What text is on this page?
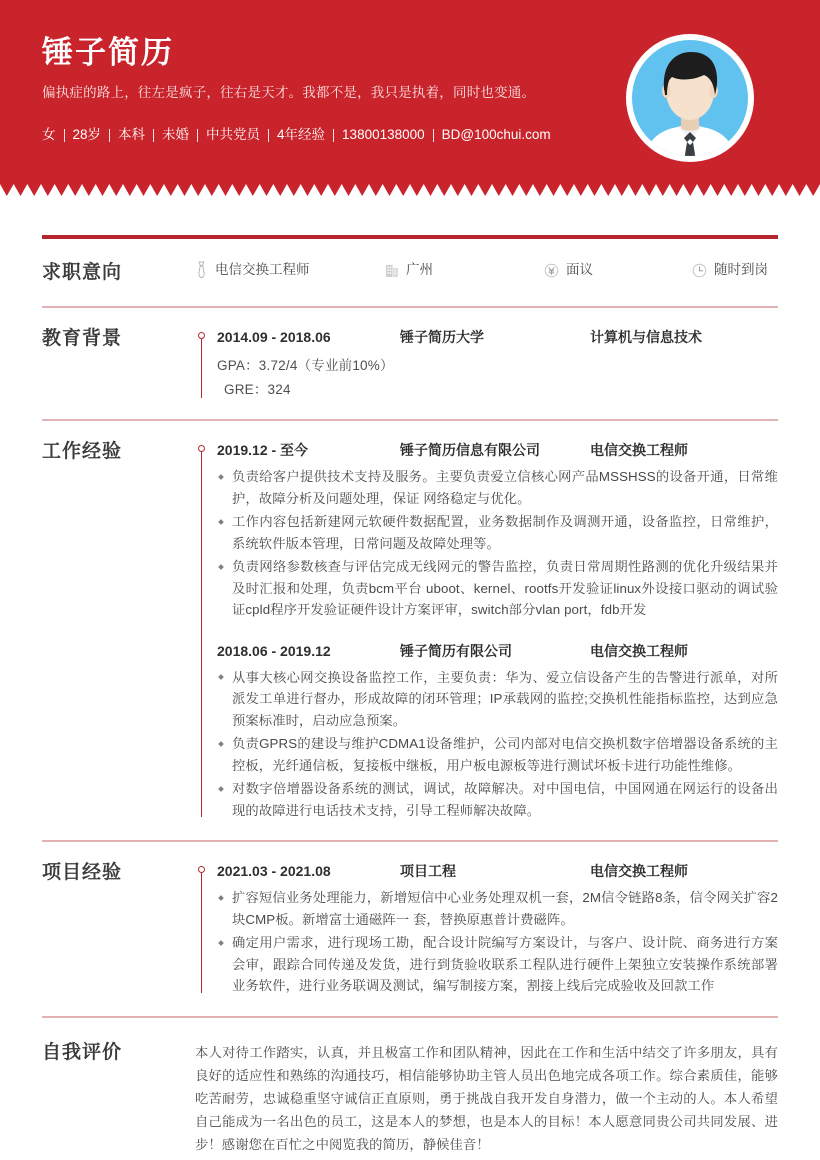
锤子简历
偏执症的路上，往左是疯子，往右是天才。我都不是，我只是执着，同时也变通。
女 28岁 本科 未婚 中共党员 4年经验 13800138000 BD@100chui.com
求职意向	电信交换工程师	广州	面议	随时到岗
教育背景	2014.09 - 2018.06	锤子简历大学	计算机与信息技术
GPA：3.72/4（专业前10%）
GRE：324
工作经验	2019.12 - 至今	锤子简历信息有限公司	电信交换工程师
负责给客户提供技术支持及服务。主要负责爱立信核心网产品MSSHSS的设备开通，日常维护，故障分析及问题处理，保证 网络稳定与优化。
工作内容包括新建网元软硬件数据配置，业务数据制作及调测开通，设备监控，日常维护，系统软件版本管理，日常问题及故障处理等。
负责网络参数核查与评估完成无线网元的警告监控，负责日常周期性路测的优化升级结果并及时汇报和处理，负责bcm平台 uboot、kernel、rootfs开发验证linux外设接口驱动的调试验证cpld程序开发验证硬件设计方案评审，switch部分vlan port，fdb开发
2018.06 - 2019.12	锤子简历有限公司	电信交换工程师
从事大核心网交换设备监控工作，主要负责：华为、爱立信设备产生的告警进行派单，对所派发工单进行督办，形成故障的闭环管理；IP承载网的监控;交换机性能指标监控，达到应急预案标准时，启动应急预案。
负责GPRS的建设与维护CDMA1设备维护，公司内部对电信交换机数字倍增器设备系统的主控板，光纤通信板，复接板中继板，用户板电源板等进行测试坏板卡进行功能性维修。
对数字倍增器设备系统的测试，调试，故障解决。对中国电信，中国网通在网运行的设备出现的故障进行电话技术支持，引导工程师解决故障。
项目经验	2021.03 - 2021.08	项目工程	电信交换工程师
扩容短信业务处理能力，新增短信中心业务处理双机一套，2M信令链路8条，信令网关扩容2块CMP板。新增富士通磁阵一 套，替换原惠普计费磁阵。
确定用户需求，进行现场工勘，配合设计院编写方案设计，与客户、设计院、商务进行方案会审，跟踪合同传递及发货，进行到货验收联系工程队进行硬件上架独立安装操作系统部署业务软件，进行业务联调及测试，编写制接方案，割接上线后完成验收及回款工作
自我评价	本人对待工作踏实，认真，并且极富工作和团队精神，因此在工作和生活中结交了许多朋友，具有良好的适应性和熟练的沟通技巧，相信能够协助主管人员出色地完成各项工作。综合素质佳，能够吃苦耐劳，忠诚稳重坚守诚信正直原则，勇于挑战自我开发自身潜力，做一个主动的人。本人希望自己能成为一名出色的员工，这是本人的梦想，也是本人的目标！本人愿意同贵公司共同发展、进步！感谢您在百忙之中阅览我的简历，静候佳音！
